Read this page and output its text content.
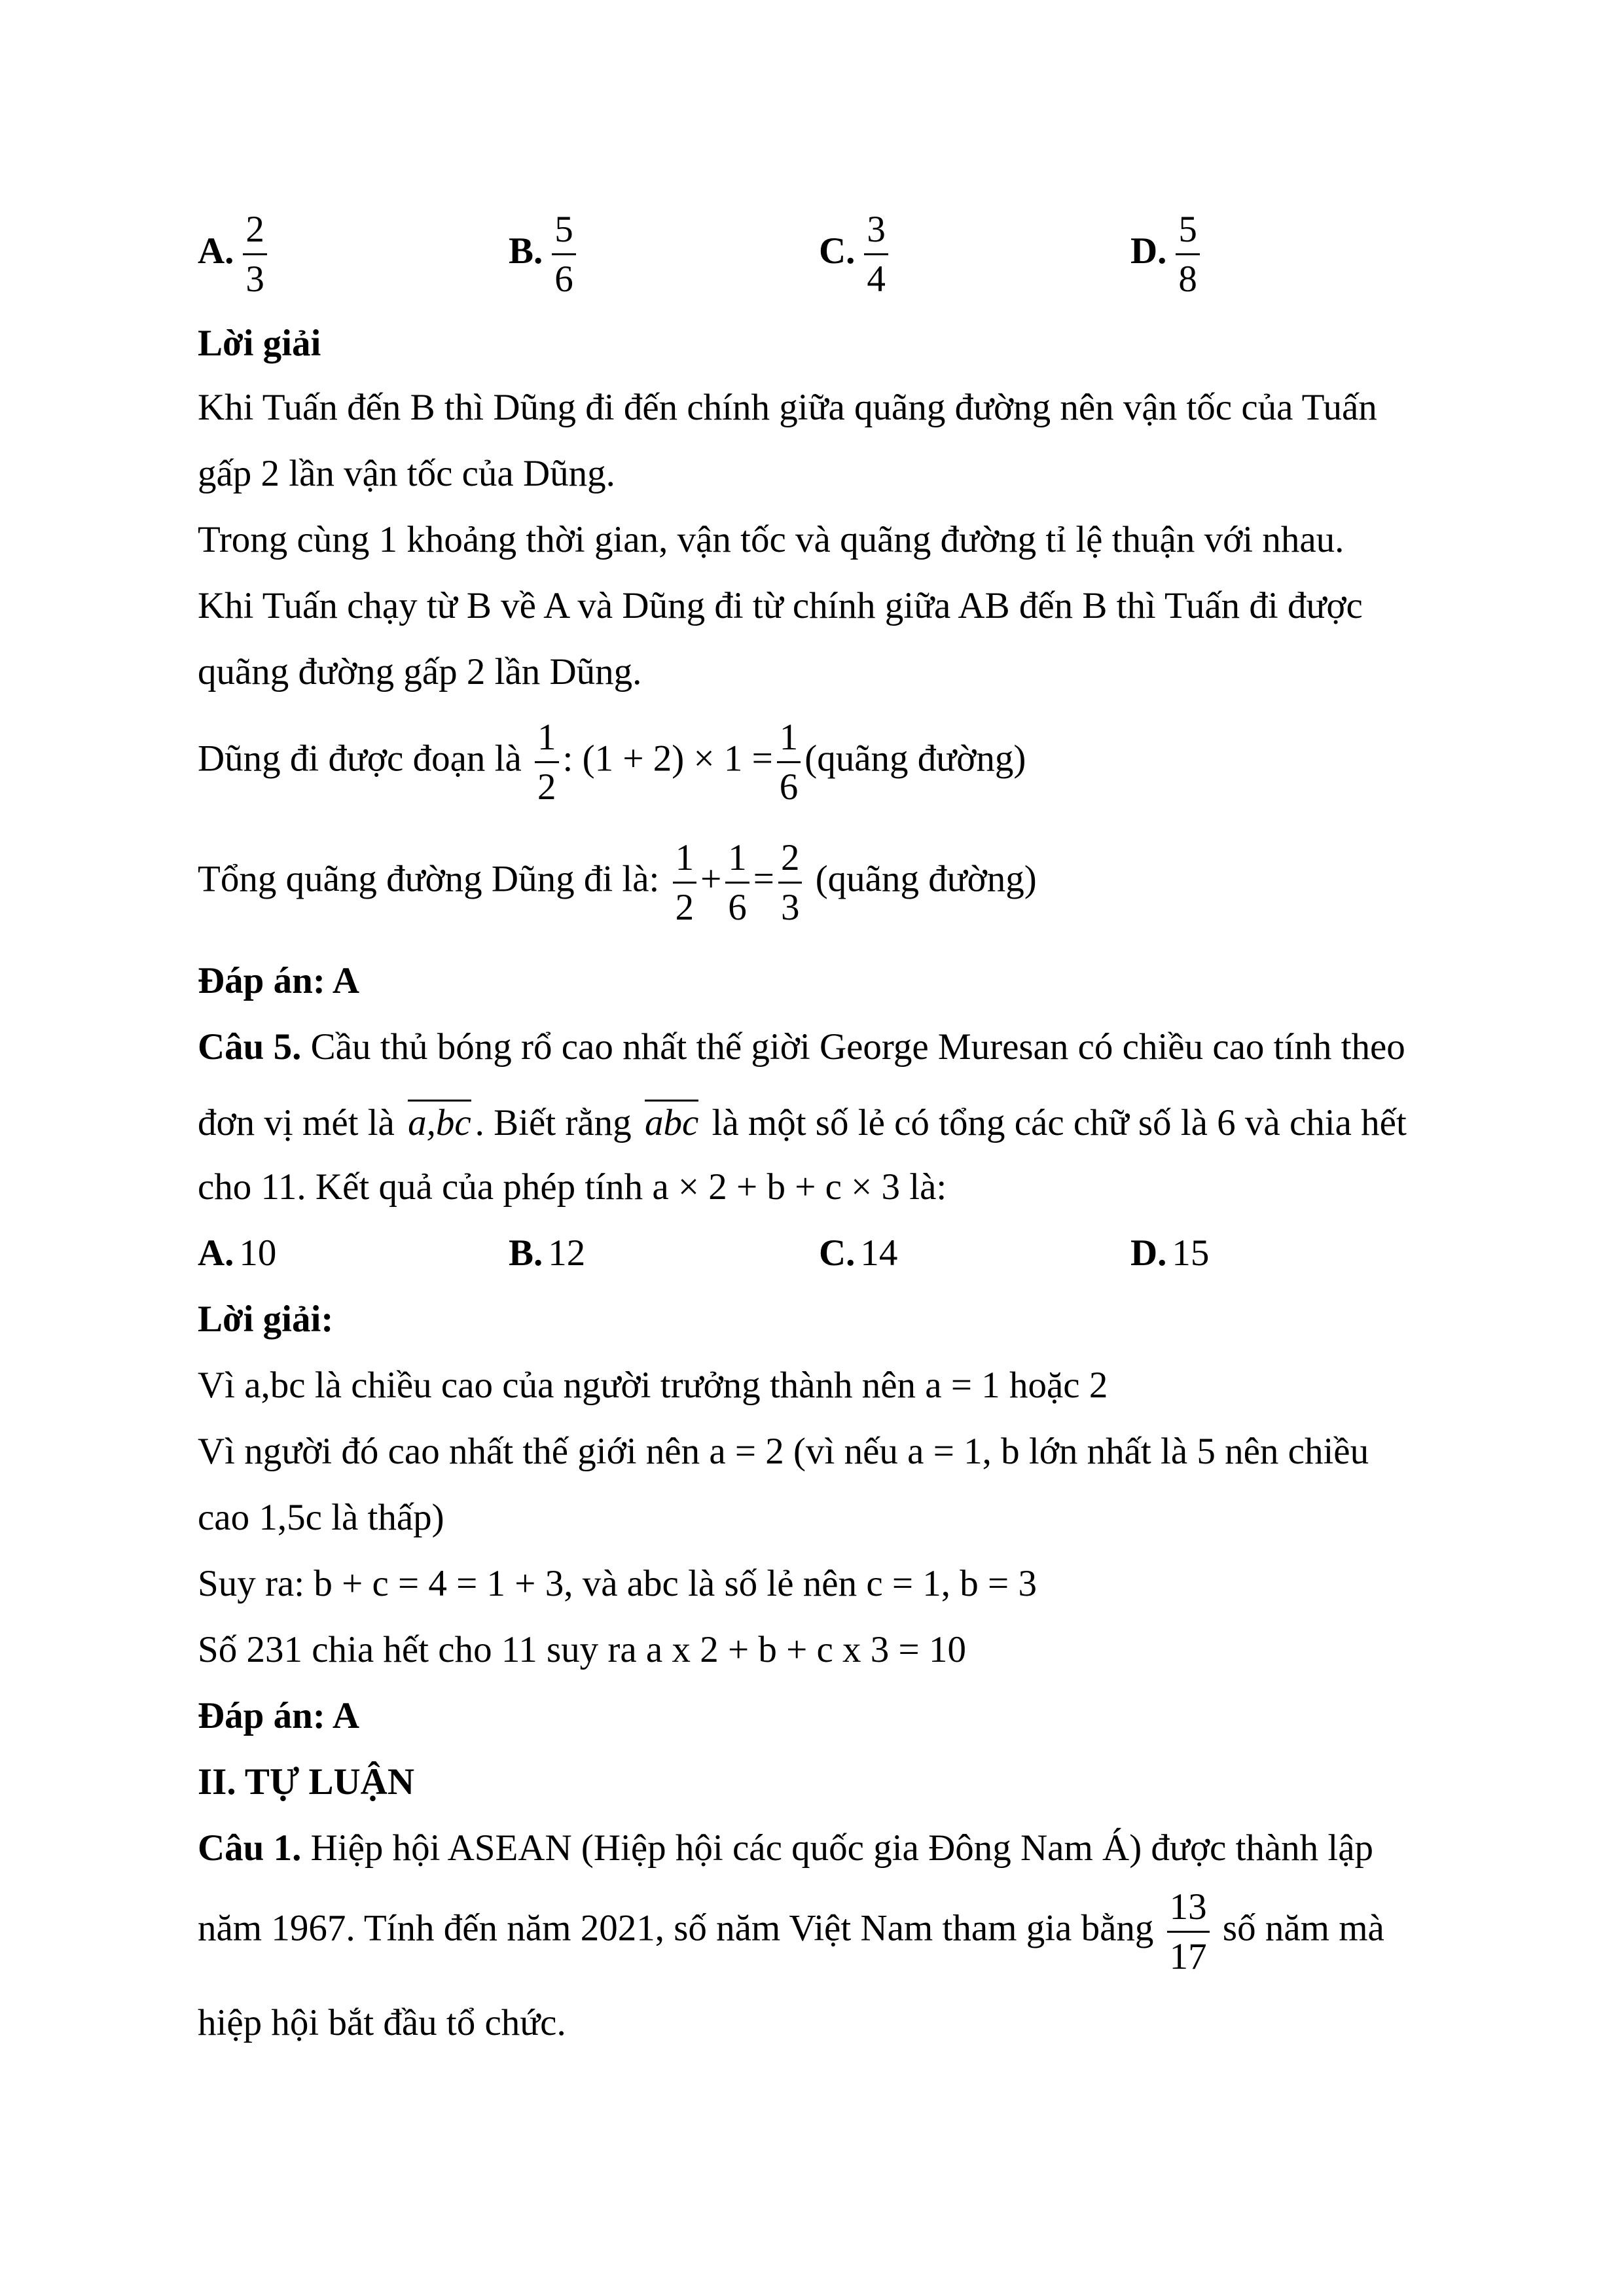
A. $\frac{2}{3}$	B. $\frac{5}{6}$	C. $\frac{3}{4}$	D. $\frac{5}{8}$
Lời giải
Khi Tuấn đến B thì Dũng đi đến chính giữa quãng đường nên vận tốc của Tuấn
gấp 2 lần vận tốc của Dũng.
Trong cùng 1 khoảng thời gian, vận tốc và quãng đường tỉ lệ thuận với nhau.
Khi Tuấn chạy từ B về A và Dũng đi từ chính giữa AB đến B thì Tuấn đi được
quãng đường gấp 2 lần Dũng.
Dũng đi được đoạn là $\frac{1}{2}$ : $(1 + 2) \times 1 = \frac{1}{6}$ (quãng đường)
Tổng quãng đường Dũng đi là: $\frac{1}{2} + \frac{1}{6} = \frac{2}{3}$ (quãng đường)
Đáp án: A
Câu 5. Cầu thủ bóng rổ cao nhất thế giời George Muresan có chiều cao tính theo
đơn vị mét là a,bc . Biết rằng abc là một số lẻ có tổng các chữ số là 6 và chia hết
cho 11. Kết quả của phép tính a × 2 + b + c × 3 là:
A. 10	B. 12	C. 14	D. 15
Lời giải:
Vì a,bc là chiều cao của người trưởng thành nên a = 1 hoặc 2
Vì người đó cao nhất thế giới nên a = 2 (vì nếu a = 1, b lớn nhất là 5 nên chiều
cao 1,5c là thấp)
Suy ra: b + c = 4 = 1 + 3, và abc là số lẻ nên c = 1, b = 3
Số 231 chia hết cho 11 suy ra a x 2 + b + c x 3 = 10
Đáp án: A
II. TỰ LUẬN
Câu 1. Hiệp hội ASEAN (Hiệp hội các quốc gia Đông Nam Á) được thành lập
năm 1967. Tính đến năm 2021, số năm Việt Nam tham gia bằng $\frac{13}{17}$ số năm mà
hiệp hội bắt đầu tổ chức.
